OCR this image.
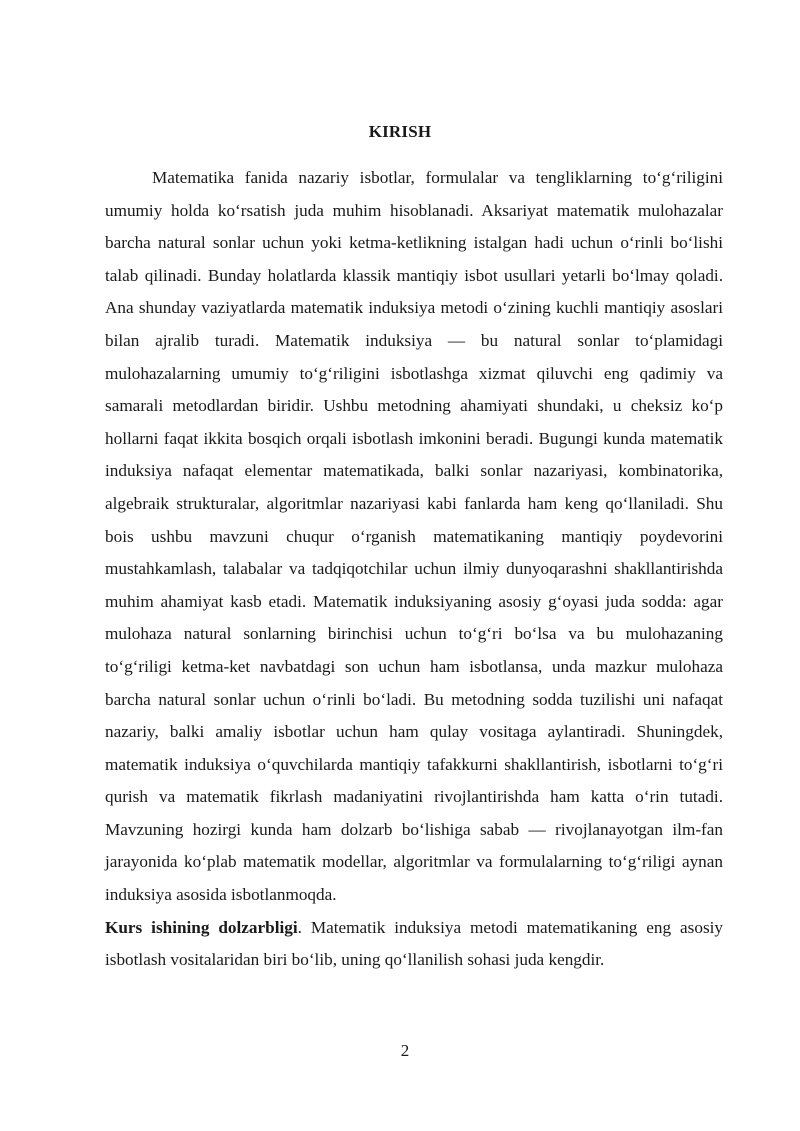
KIRISH

Matematika fanida nazariy isbotlar, formulalar va tengliklarning to‘g‘riligini umumiy holda ko‘rsatish juda muhim hisoblanadi. Aksariyat matematik mulohazalar barcha natural sonlar uchun yoki ketma-ketlikning istalgan hadi uchun o‘rinli bo‘lishi talab qilinadi. Bunday holatlarda klassik mantiqiy isbot usullari yetarli bo‘lmay qoladi. Ana shunday vaziyatlarda matematik induksiya metodi o‘zining kuchli mantiqiy asoslari bilan ajralib turadi. Matematik induksiya — bu natural sonlar to‘plamidagi mulohazalarning umumiy to‘g‘riligini isbotlashga xizmat qiluvchi eng qadimiy va samarali metodlardan biridir. Ushbu metodning ahamiyati shundaki, u cheksiz ko‘p hollarni faqat ikkita bosqich orqali isbotlash imkonini beradi. Bugungi kunda matematik induksiya nafaqat elementar matematikada, balki sonlar nazariyasi, kombinatorika, algebraik strukturalar, algoritmlar nazariyasi kabi fanlarda ham keng qo‘llaniladi. Shu bois ushbu mavzuni chuqur o‘rganish matematikaning mantiqiy poydevorini mustahkamlash, talabalar va tadqiqotchilar uchun ilmiy dunyoqarashni shakllantirishda muhim ahamiyat kasb etadi. Matematik induksiyaning asosiy g‘oyasi juda sodda: agar mulohaza natural sonlarning birinchisi uchun to‘g‘ri bo‘lsa va bu mulohazaning to‘g‘riligi ketma-ket navbatdagi son uchun ham isbotlansa, unda mazkur mulohaza barcha natural sonlar uchun o‘rinli bo‘ladi. Bu metodning sodda tuzilishi uni nafaqat nazariy, balki amaliy isbotlar uchun ham qulay vositaga aylantiradi. Shuningdek, matematik induksiya o‘quvchilarda mantiqiy tafakkurni shakllantirish, isbotlarni to‘g‘ri qurish va matematik fikrlash madaniyatini rivojlantirishda ham katta o‘rin tutadi. Mavzuning hozirgi kunda ham dolzarb bo‘lishiga sabab — rivojlanayotgan ilm-fan jarayonida ko‘plab matematik modellar, algoritmlar va formulalarning to‘g‘riligi aynan induksiya asosida isbotlanmoqda.

Kurs ishining dolzarbligi. Matematik induksiya metodi matematikaning eng asosiy isbotlash vositalaridan biri bo‘lib, uning qo‘llanilish sohasi juda kengdir.

2
